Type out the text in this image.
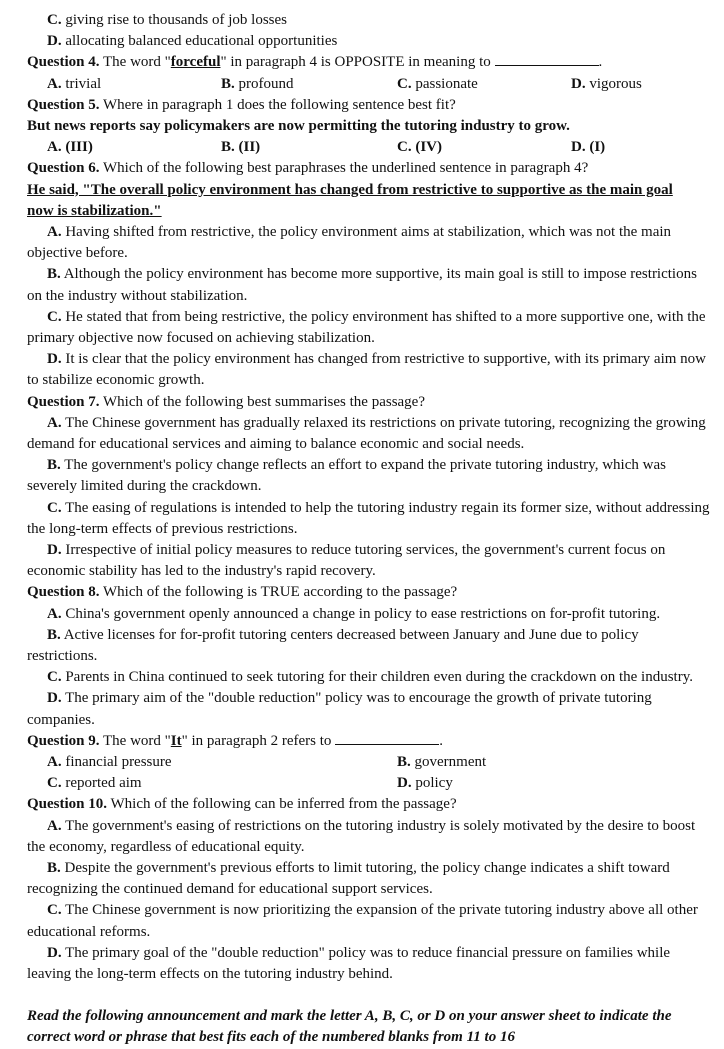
C. giving rise to thousands of job losses
D. allocating balanced educational opportunities
Question 4. The word "forceful" in paragraph 4 is OPPOSITE in meaning to	.
A. trivial	B. profound	C. passionate	D. vigorous
Question 5. Where in paragraph 1 does the following sentence best fit?
But news reports say policymakers are now permitting the tutoring industry to grow.
A. (III)	B. (II)	C. (IV)	D. (I)
Question 6. Which of the following best paraphrases the underlined sentence in paragraph 4?
He said, "The overall policy environment has changed from restrictive to supportive as the main goal
now is stabilization."
A. Having shifted from restrictive, the policy environment aims at stabilization, which was not the main objective before.
B. Although the policy environment has become more supportive, its main goal is still to impose restrictions on the industry without stabilization.
C. He stated that from being restrictive, the policy environment has shifted to a more supportive one, with the primary objective now focused on achieving stabilization.
D. It is clear that the policy environment has changed from restrictive to supportive, with its primary aim now to stabilize economic growth.
Question 7. Which of the following best summarises the passage?
A. The Chinese government has gradually relaxed its restrictions on private tutoring, recognizing the growing demand for educational services and aiming to balance economic and social needs.
B. The government's policy change reflects an effort to expand the private tutoring industry, which was severely limited during the crackdown.
C. The easing of regulations is intended to help the tutoring industry regain its former size, without addressing the long-term effects of previous restrictions.
D. Irrespective of initial policy measures to reduce tutoring services, the government's current focus on economic stability has led to the industry's rapid recovery.
Question 8. Which of the following is TRUE according to the passage?
A. China's government openly announced a change in policy to ease restrictions on for-profit tutoring.
B. Active licenses for for-profit tutoring centers decreased between January and June due to policy restrictions.
C. Parents in China continued to seek tutoring for their children even during the crackdown on the industry.
D. The primary aim of the "double reduction" policy was to encourage the growth of private tutoring companies.
Question 9. The word "It" in paragraph 2 refers to	.
A. financial pressure	B. government
C. reported aim	D. policy
Question 10. Which of the following can be inferred from the passage?
A. The government's easing of restrictions on the tutoring industry is solely motivated by the desire to boost the economy, regardless of educational equity.
B. Despite the government's previous efforts to limit tutoring, the policy change indicates a shift toward recognizing the continued demand for educational support services.
C. The Chinese government is now prioritizing the expansion of the private tutoring industry above all other educational reforms.
D. The primary goal of the "double reduction" policy was to reduce financial pressure on families while leaving the long-term effects on the tutoring industry behind.
Read the following announcement and mark the letter A, B, C, or D on your answer sheet to indicate the correct word or phrase that best fits each of the numbered blanks from 11 to 16
